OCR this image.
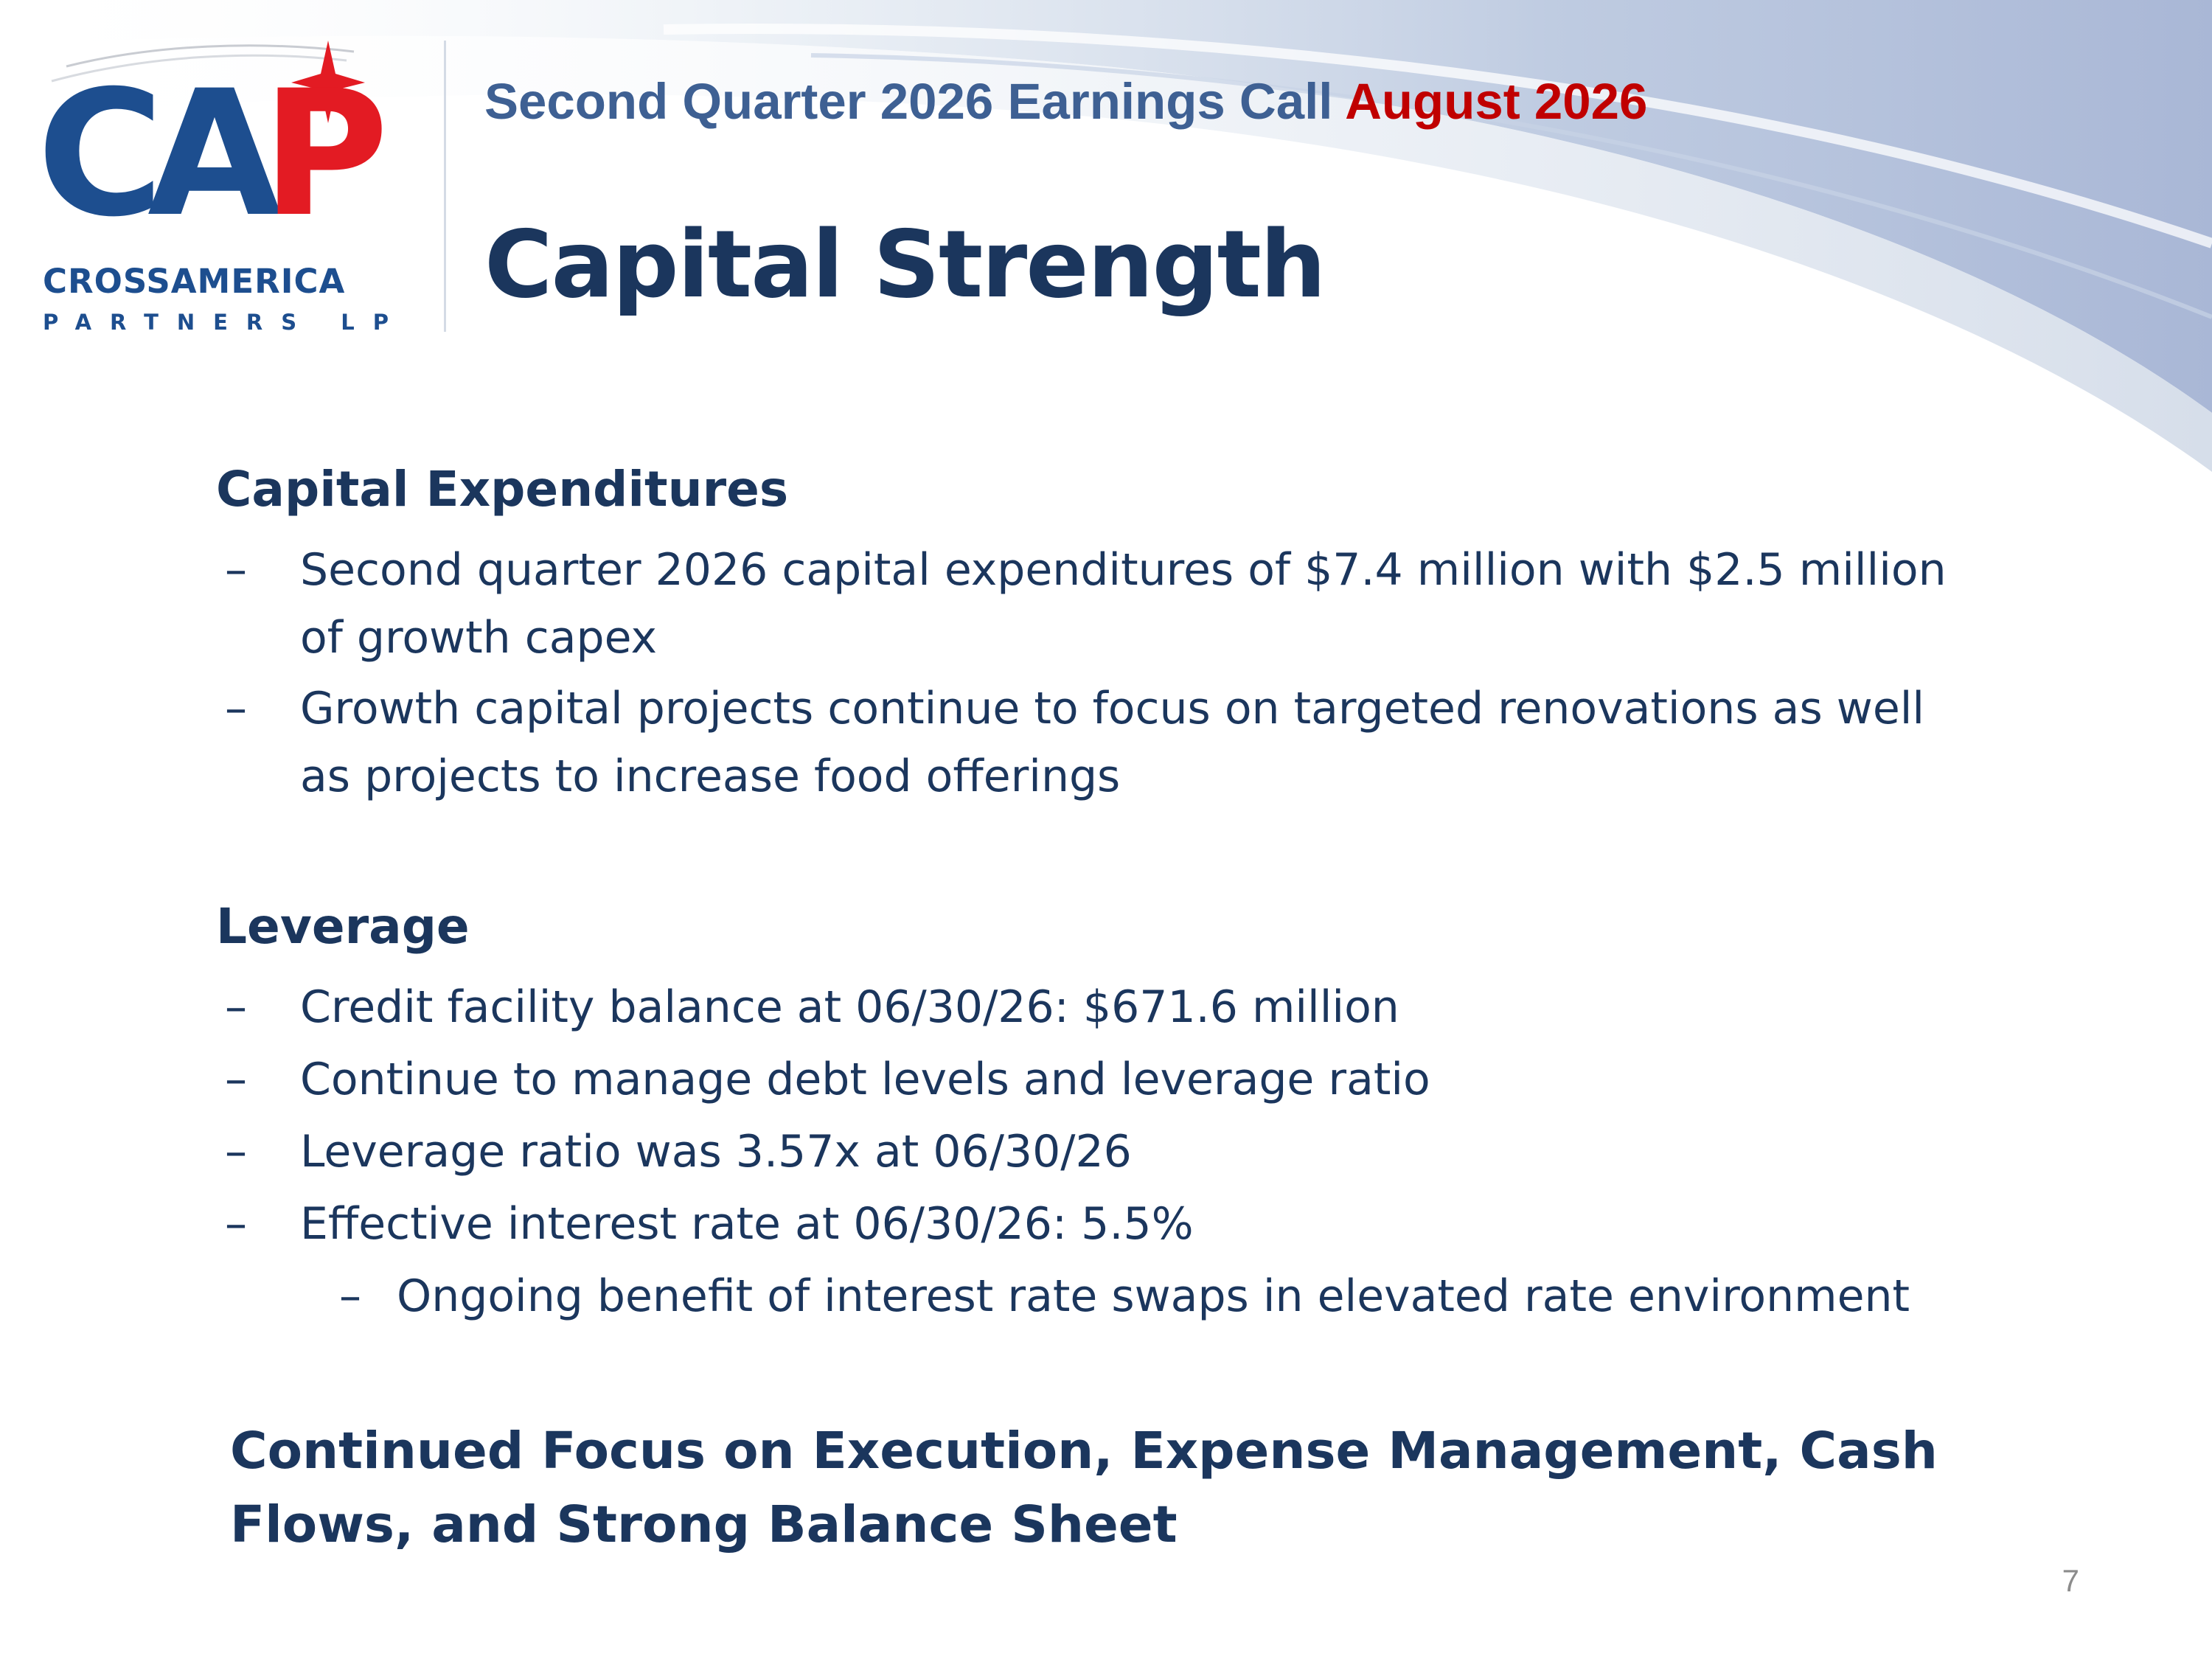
C
A
P
CROSSAMERICA
PARTNERS LP
Second Quarter 2026 Earnings Call August 2026
Capital Strength
Capital Expenditures
– Second quarter 2026 capital expenditures of $7.4 million with $2.5 million of growth capex
– Growth capital projects continue to focus on targeted renovations as well as projects to increase food offerings
Leverage
– Credit facility balance at 06/30/26: $671.6 million
– Continue to manage debt levels and leverage ratio
– Leverage ratio was 3.57x at 06/30/26
– Effective interest rate at 06/30/26: 5.5%
– Ongoing benefit of interest rate swaps in elevated rate environment
Continued Focus on Execution, Expense Management, Cash Flows, and Strong Balance Sheet
7
